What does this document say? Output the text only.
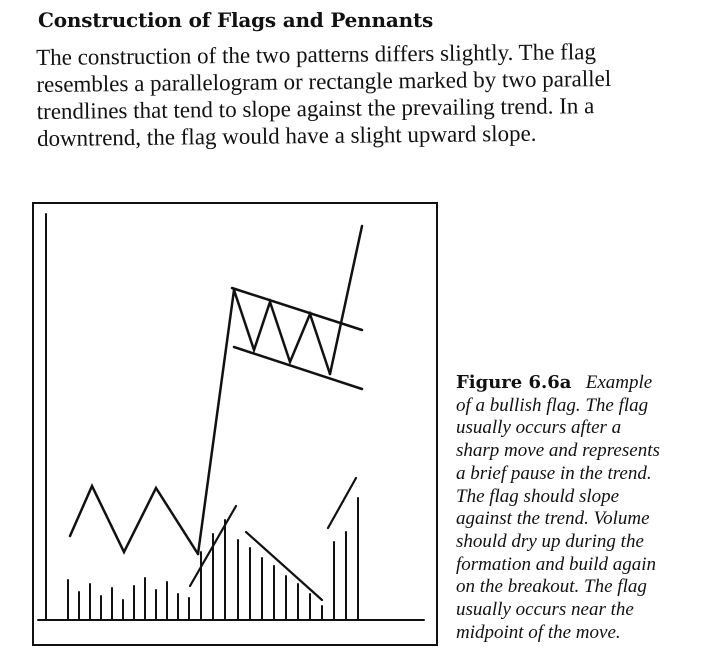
Construction of Flags and Pennants

The construction of the two patterns differs slightly. The flag
resembles a parallelogram or rectangle marked by two parallel
trendlines that tend to slope against the prevailing trend. In a
downtrend, the flag would have a slight upward slope.

Figure 6.6a Example
of a bullish flag. The flag
usually occurs after a
sharp move and represents
a brief pause in the trend.
The flag should slope
against the trend. Volume
should dry up during the
formation and build again
on the breakout. The flag
usually occurs near the
midpoint of the move.
